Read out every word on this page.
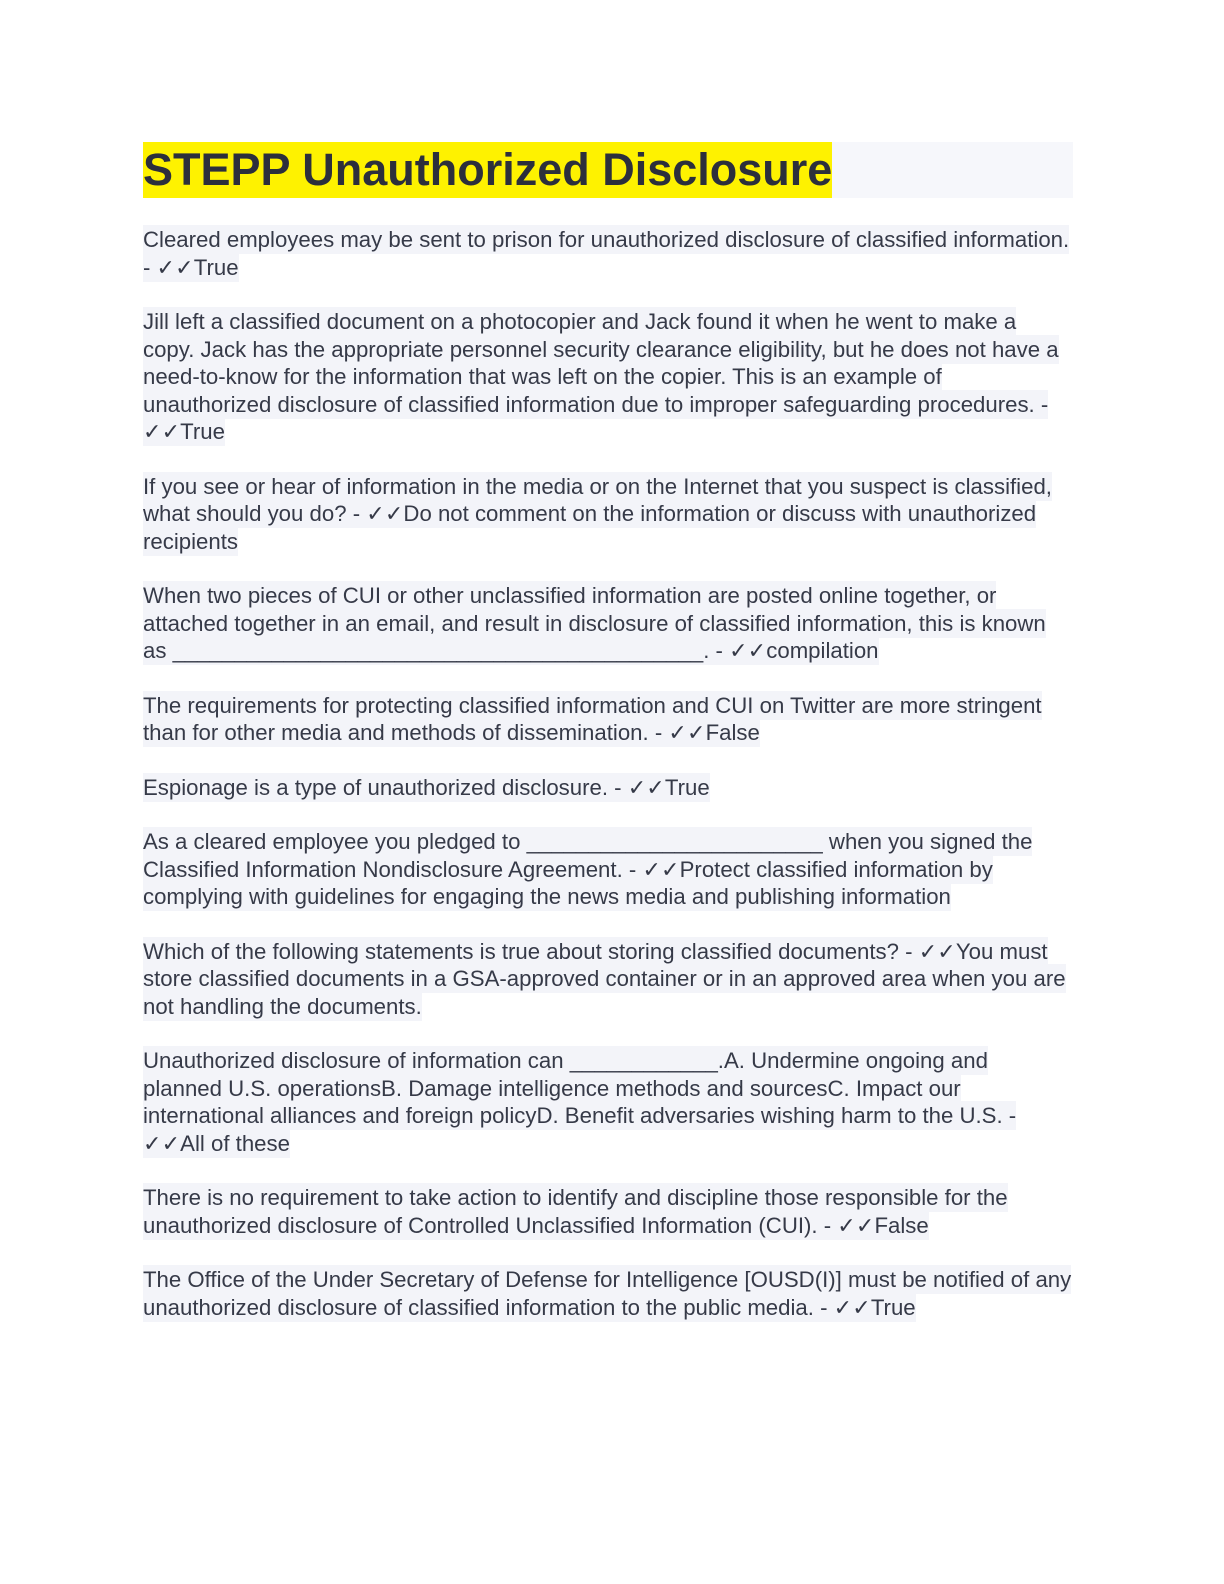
STEPP Unauthorized Disclosure

Cleared employees may be sent to prison for unauthorized disclosure of classified information. - ✓✓True

Jill left a classified document on a photocopier and Jack found it when he went to make a copy. Jack has the appropriate personnel security clearance eligibility, but he does not have a need-to-know for the information that was left on the copier. This is an example of unauthorized disclosure of classified information due to improper safeguarding procedures. - ✓✓True

If you see or hear of information in the media or on the Internet that you suspect is classified, what should you do? - ✓✓Do not comment on the information or discuss with unauthorized recipients

When two pieces of CUI or other unclassified information are posted online together, or attached together in an email, and result in disclosure of classified information, this is known as ___________________________________________. - ✓✓compilation

The requirements for protecting classified information and CUI on Twitter are more stringent than for other media and methods of dissemination. - ✓✓False

Espionage is a type of unauthorized disclosure. - ✓✓True

As a cleared employee you pledged to ________________________ when you signed the Classified Information Nondisclosure Agreement. - ✓✓Protect classified information by complying with guidelines for engaging the news media and publishing information

Which of the following statements is true about storing classified documents? - ✓✓You must store classified documents in a GSA-approved container or in an approved area when you are not handling the documents.

Unauthorized disclosure of information can ____________.A. Undermine ongoing and planned U.S. operationsB. Damage intelligence methods and sourcesC. Impact our international alliances and foreign policyD. Benefit adversaries wishing harm to the U.S. - ✓✓All of these

There is no requirement to take action to identify and discipline those responsible for the unauthorized disclosure of Controlled Unclassified Information (CUI). - ✓✓False

The Office of the Under Secretary of Defense for Intelligence [OUSD(I)] must be notified of any unauthorized disclosure of classified information to the public media. - ✓✓True
